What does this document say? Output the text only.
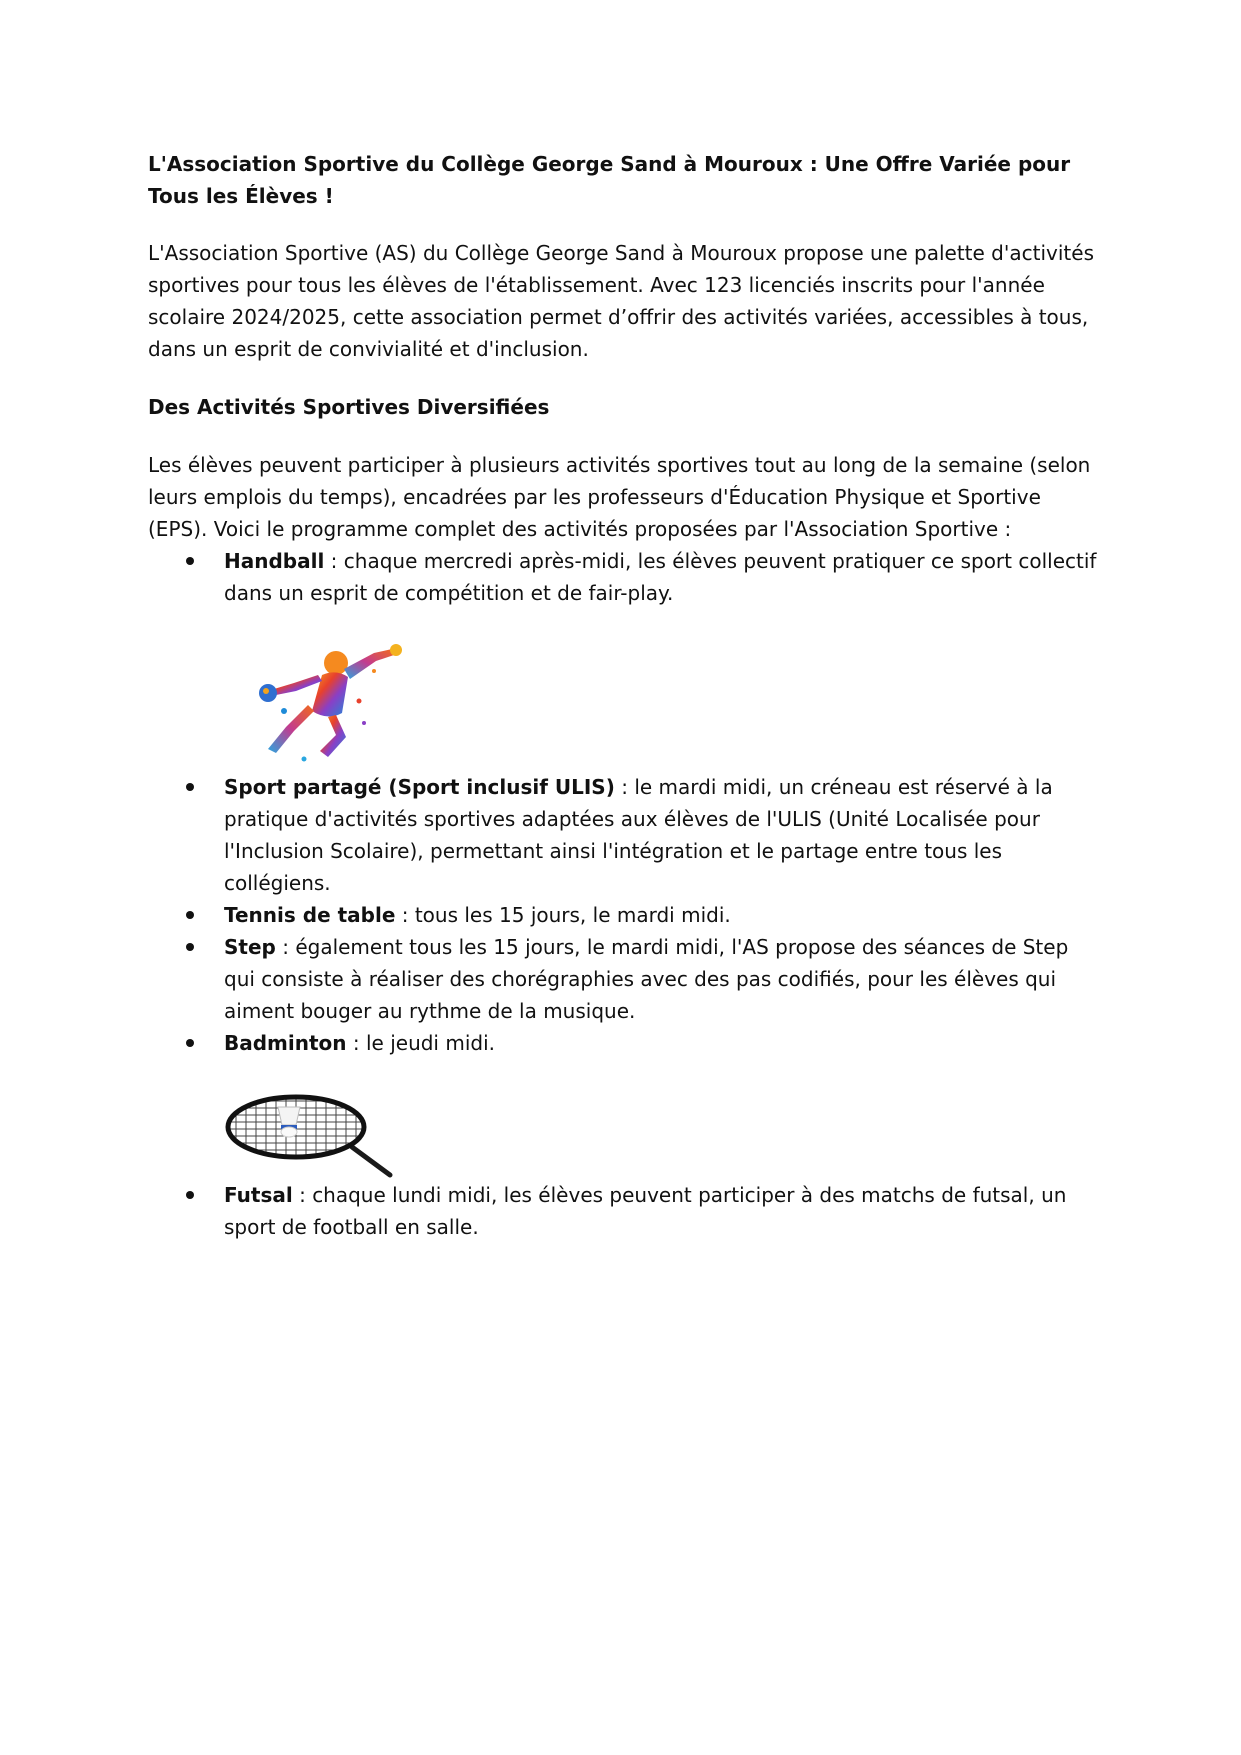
L'Association Sportive du Collège George Sand à Mouroux : Une Offre Variée pour Tous les Élèves !

L'Association Sportive (AS) du Collège George Sand à Mouroux propose une palette d'activités sportives pour tous les élèves de l'établissement. Avec 123 licenciés inscrits pour l'année scolaire 2024/2025, cette association permet d’offrir des activités variées, accessibles à tous, dans un esprit de convivialité et d'inclusion.

Des Activités Sportives Diversifiées

Les élèves peuvent participer à plusieurs activités sportives tout au long de la semaine (selon leurs emplois du temps), encadrées par les professeurs d'Éducation Physique et Sportive (EPS). Voici le programme complet des activités proposées par l'Association Sportive :

Handball : chaque mercredi après-midi, les élèves peuvent pratiquer ce sport collectif dans un esprit de compétition et de fair-play.
Sport partagé (Sport inclusif ULIS) : le mardi midi, un créneau est réservé à la pratique d'activités sportives adaptées aux élèves de l'ULIS (Unité Localisée pour l'Inclusion Scolaire), permettant ainsi l'intégration et le partage entre tous les collégiens.
Tennis de table : tous les 15 jours, le mardi midi.
Step : également tous les 15 jours, le mardi midi, l'AS propose des séances de Step qui consiste à réaliser des chorégraphies avec des pas codifiés, pour les élèves qui aiment bouger au rythme de la musique.
Badminton : le jeudi midi.
Futsal : chaque lundi midi, les élèves peuvent participer à des matchs de futsal, un sport de football en salle.
